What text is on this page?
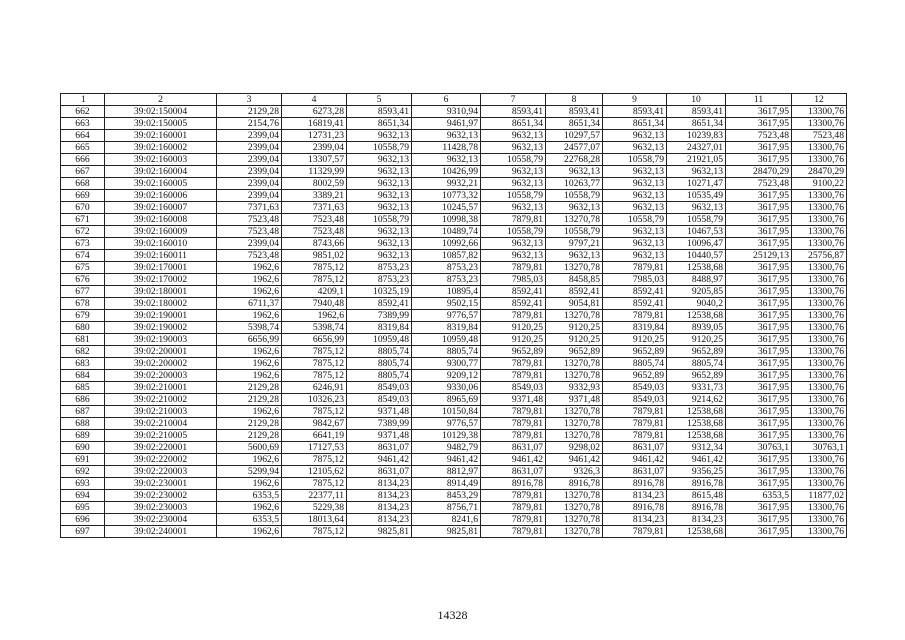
1	2	3	4	5	6	7	8	9	10	11	12
662	39:02:150004	2129,28	6273,28	8593,41	9310,94	8593,41	8593,41	8593,41	8593,41	3617,95	13300,76
663	39:02:150005	2154,76	16819,41	8651,34	9461,97	8651,34	8651,34	8651,34	8651,34	3617,95	13300,76
664	39:02:160001	2399,04	12731,23	9632,13	9632,13	9632,13	10297,57	9632,13	10239,83	7523,48	7523,48
665	39:02:160002	2399,04	2399,04	10558,79	11428,78	9632,13	24577,07	9632,13	24327,01	3617,95	13300,76
666	39:02:160003	2399,04	13307,57	9632,13	9632,13	10558,79	22768,28	10558,79	21921,05	3617,95	13300,76
667	39:02:160004	2399,04	11329,99	9632,13	10426,99	9632,13	9632,13	9632,13	9632,13	28470,29	28470,29
668	39:02:160005	2399,04	8002,59	9632,13	9932,21	9632,13	10263,77	9632,13	10271,47	7523,48	9100,22
669	39:02:160006	2399,04	3389,21	9632,13	10773,32	10558,79	10558,79	9632,13	10535,49	3617,95	13300,76
670	39:02:160007	7371,63	7371,63	9632,13	10245,57	9632,13	9632,13	9632,13	9632,13	3617,95	13300,76
671	39:02:160008	7523,48	7523,48	10558,79	10998,38	7879,81	13270,78	10558,79	10558,79	3617,95	13300,76
672	39:02:160009	7523,48	7523,48	9632,13	10489,74	10558,79	10558,79	9632,13	10467,53	3617,95	13300,76
673	39:02:160010	2399,04	8743,66	9632,13	10992,66	9632,13	9797,21	9632,13	10096,47	3617,95	13300,76
674	39:02:160011	7523,48	9851,02	9632,13	10857,82	9632,13	9632,13	9632,13	10440,57	25129,13	25756,87
675	39:02:170001	1962,6	7875,12	8753,23	8753,23	7879,81	13270,78	7879,81	12538,68	3617,95	13300,76
676	39:02:170002	1962,6	7875,12	8753,23	8753,23	7985,03	8458,85	7985,03	8488,97	3617,95	13300,76
677	39:02:180001	1962,6	4209,1	10325,19	10895,4	8592,41	8592,41	8592,41	9205,85	3617,95	13300,76
678	39:02:180002	6711,37	7940,48	8592,41	9502,15	8592,41	9054,81	8592,41	9040,2	3617,95	13300,76
679	39:02:190001	1962,6	1962,6	7389,99	9776,57	7879,81	13270,78	7879,81	12538,68	3617,95	13300,76
680	39:02:190002	5398,74	5398,74	8319,84	8319,84	9120,25	9120,25	8319,84	8939,05	3617,95	13300,76
681	39:02:190003	6656,99	6656,99	10959,48	10959,48	9120,25	9120,25	9120,25	9120,25	3617,95	13300,76
682	39:02:200001	1962,6	7875,12	8805,74	8805,74	9652,89	9652,89	9652,89	9652,89	3617,95	13300,76
683	39:02:200002	1962,6	7875,12	8805,74	9300,77	7879,81	13270,78	8805,74	8805,74	3617,95	13300,76
684	39:02:200003	1962,6	7875,12	8805,74	9209,12	7879,81	13270,78	9652,89	9652,89	3617,95	13300,76
685	39:02:210001	2129,28	6246,91	8549,03	9330,06	8549,03	9332,93	8549,03	9331,73	3617,95	13300,76
686	39:02:210002	2129,28	10326,23	8549,03	8965,69	9371,48	9371,48	8549,03	9214,62	3617,95	13300,76
687	39:02:210003	1962,6	7875,12	9371,48	10150,84	7879,81	13270,78	7879,81	12538,68	3617,95	13300,76
688	39:02:210004	2129,28	9842,67	7389,99	9776,57	7879,81	13270,78	7879,81	12538,68	3617,95	13300,76
689	39:02:210005	2129,28	6641,19	9371,48	10129,38	7879,81	13270,78	7879,81	12538,68	3617,95	13300,76
690	39:02:220001	5600,69	17127,53	8631,07	9482,79	8631,07	9298,02	8631,07	9312,34	30763,1	30763,1
691	39:02:220002	1962,6	7875,12	9461,42	9461,42	9461,42	9461,42	9461,42	9461,42	3617,95	13300,76
692	39:02:220003	5299,94	12105,62	8631,07	8812,97	8631,07	9326,3	8631,07	9356,25	3617,95	13300,76
693	39:02:230001	1962,6	7875,12	8134,23	8914,49	8916,78	8916,78	8916,78	8916,78	3617,95	13300,76
694	39:02:230002	6353,5	22377,11	8134,23	8453,29	7879,81	13270,78	8134,23	8615,48	6353,5	11877,02
695	39:02:230003	1962,6	5229,38	8134,23	8756,71	7879,81	13270,78	8916,78	8916,78	3617,95	13300,76
696	39:02:230004	6353,5	18013,64	8134,23	8241,6	7879,81	13270,78	8134,23	8134,23	3617,95	13300,76
697	39:02:240001	1962,6	7875,12	9825,81	9825,81	7879,81	13270,78	7879,81	12538,68	3617,95	13300,76
14328
